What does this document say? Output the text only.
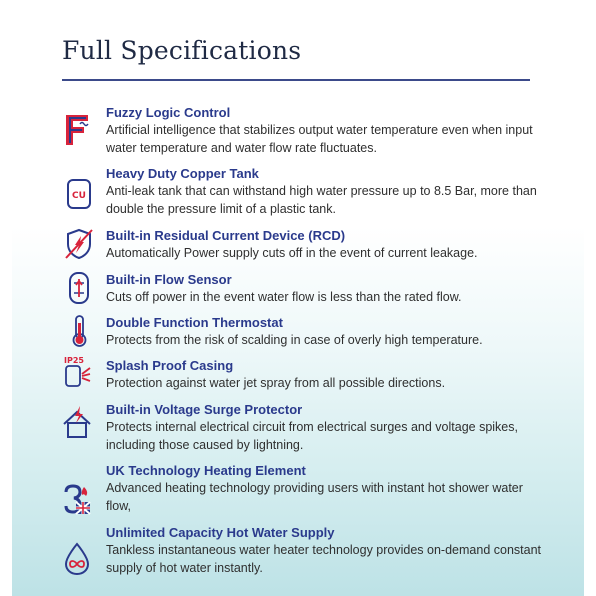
Full Specifications
Fuzzy Logic Control
Artificial intelligence that stabilizes output water temperature even when input water temperature and water flow rate fluctuates.
CU
Heavy Duty Copper Tank
Anti-leak tank that can withstand high water pressure up to 8.5 Bar, more than double the pressure limit of a plastic tank.
Built-in Residual Current Device (RCD)
Automatically Power supply cuts off in the event of current leakage.
Built-in Flow Sensor
Cuts off power in the event water flow is less than the rated flow.
Double Function Thermostat
Protects from the risk of scalding in case of overly high temperature.
IP25 Splash Proof Casing
Protection against water jet spray from all possible directions.
Built-in Voltage Surge Protector
Protects internal electrical circuit from electrical surges and voltage spikes, including those caused by lightning.
UK Technology Heating Element
Advanced heating technology providing users with instant hot shower water flow,
Unlimited Capacity Hot Water Supply
Tankless instantaneous water heater technology provides on-demand constant supply of hot water instantly.
